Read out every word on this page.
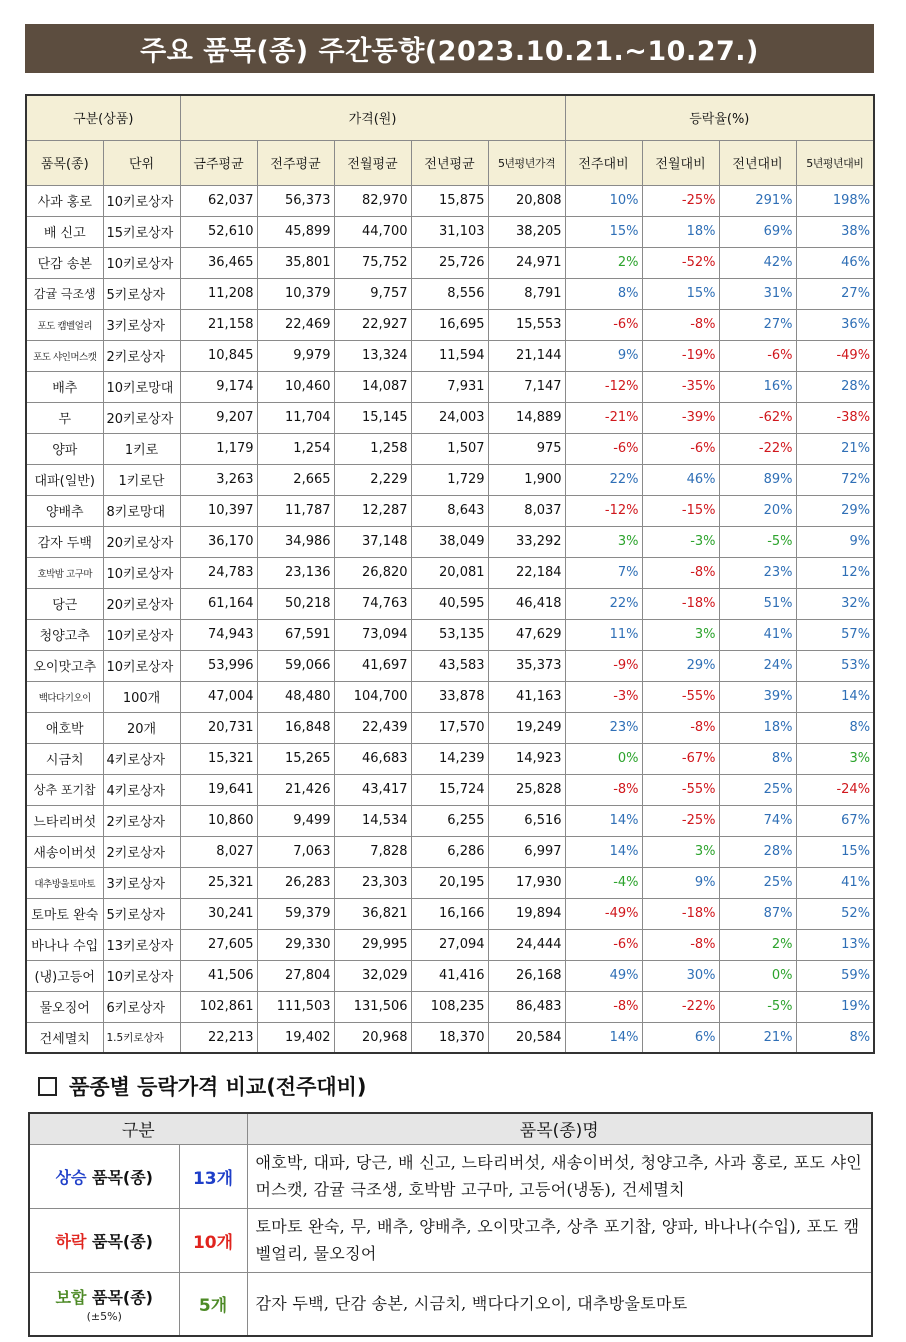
주요 품목(종) 주간동향(2023.10.21.~10.27.)
구분(상품)		가격(원)					등락율(%)			
품목(종)	단위	금주평균	전주평균	전월평균	전년평균	5년평년가격	전주대비	전월대비	전년대비	5년평년대비
사과 홍로	10키로상자	62,037	56,373	82,970	15,875	20,808	10%	-25%	291%	198%
배 신고	15키로상자	52,610	45,899	44,700	31,103	38,205	15%	18%	69%	38%
단감 송본	10키로상자	36,465	35,801	75,752	25,726	24,971	2%	-52%	42%	46%
감귤 극조생	5키로상자	11,208	10,379	9,757	8,556	8,791	8%	15%	31%	27%
포도 캠벨얼리	3키로상자	21,158	22,469	22,927	16,695	15,553	-6%	-8%	27%	36%
포도 샤인머스캣	2키로상자	10,845	9,979	13,324	11,594	21,144	9%	-19%	-6%	-49%
배추	10키로망대	9,174	10,460	14,087	7,931	7,147	-12%	-35%	16%	28%
무	20키로상자	9,207	11,704	15,145	24,003	14,889	-21%	-39%	-62%	-38%
양파	1키로	1,179	1,254	1,258	1,507	975	-6%	-6%	-22%	21%
대파(일반)	1키로단	3,263	2,665	2,229	1,729	1,900	22%	46%	89%	72%
양배추	8키로망대	10,397	11,787	12,287	8,643	8,037	-12%	-15%	20%	29%
감자 두백	20키로상자	36,170	34,986	37,148	38,049	33,292	3%	-3%	-5%	9%
호박밤 고구마	10키로상자	24,783	23,136	26,820	20,081	22,184	7%	-8%	23%	12%
당근	20키로상자	61,164	50,218	74,763	40,595	46,418	22%	-18%	51%	32%
청양고추	10키로상자	74,943	67,591	73,094	53,135	47,629	11%	3%	41%	57%
오이맛고추	10키로상자	53,996	59,066	41,697	43,583	35,373	-9%	29%	24%	53%
백다다기오이	100개	47,004	48,480	104,700	33,878	41,163	-3%	-55%	39%	14%
애호박	20개	20,731	16,848	22,439	17,570	19,249	23%	-8%	18%	8%
시금치	4키로상자	15,321	15,265	46,683	14,239	14,923	0%	-67%	8%	3%
상추 포기찹	4키로상자	19,641	21,426	43,417	15,724	25,828	-8%	-55%	25%	-24%
느타리버섯	2키로상자	10,860	9,499	14,534	6,255	6,516	14%	-25%	74%	67%
새송이버섯	2키로상자	8,027	7,063	7,828	6,286	6,997	14%	3%	28%	15%
대추방울토마토	3키로상자	25,321	26,283	23,303	20,195	17,930	-4%	9%	25%	41%
토마토 완숙	5키로상자	30,241	59,379	36,821	16,166	19,894	-49%	-18%	87%	52%
바나나 수입	13키로상자	27,605	29,330	29,995	27,094	24,444	-6%	-8%	2%	13%
(냉)고등어	10키로상자	41,506	27,804	32,029	41,416	26,168	49%	30%	0%	59%
물오징어	6키로상자	102,861	111,503	131,506	108,235	86,483	-8%	-22%	-5%	19%
건세멸치	1.5키로상자	22,213	19,402	20,968	18,370	20,584	14%	6%	21%	8%
품종별 등락가격 비교(전주대비)
구분		품목(종)명
상승 품목(종)	13개	애호박, 대파, 당근, 배 신고, 느타리버섯, 새송이버섯, 청양고추, 사과 홍로, 포도 샤인머스캣, 감귤 극조생, 호박밤 고구마, 고등어(냉동), 건세멸치
하락 품목(종)	10개	토마토 완숙, 무, 배추, 양배추, 오이맛고추, 상추 포기찹, 양파, 바나나(수입), 포도 캠벨얼리, 물오징어
보합 품목(종)
(±5%)	5개	감자 두백, 단감 송본, 시금치, 백다다기오이, 대추방울토마토
